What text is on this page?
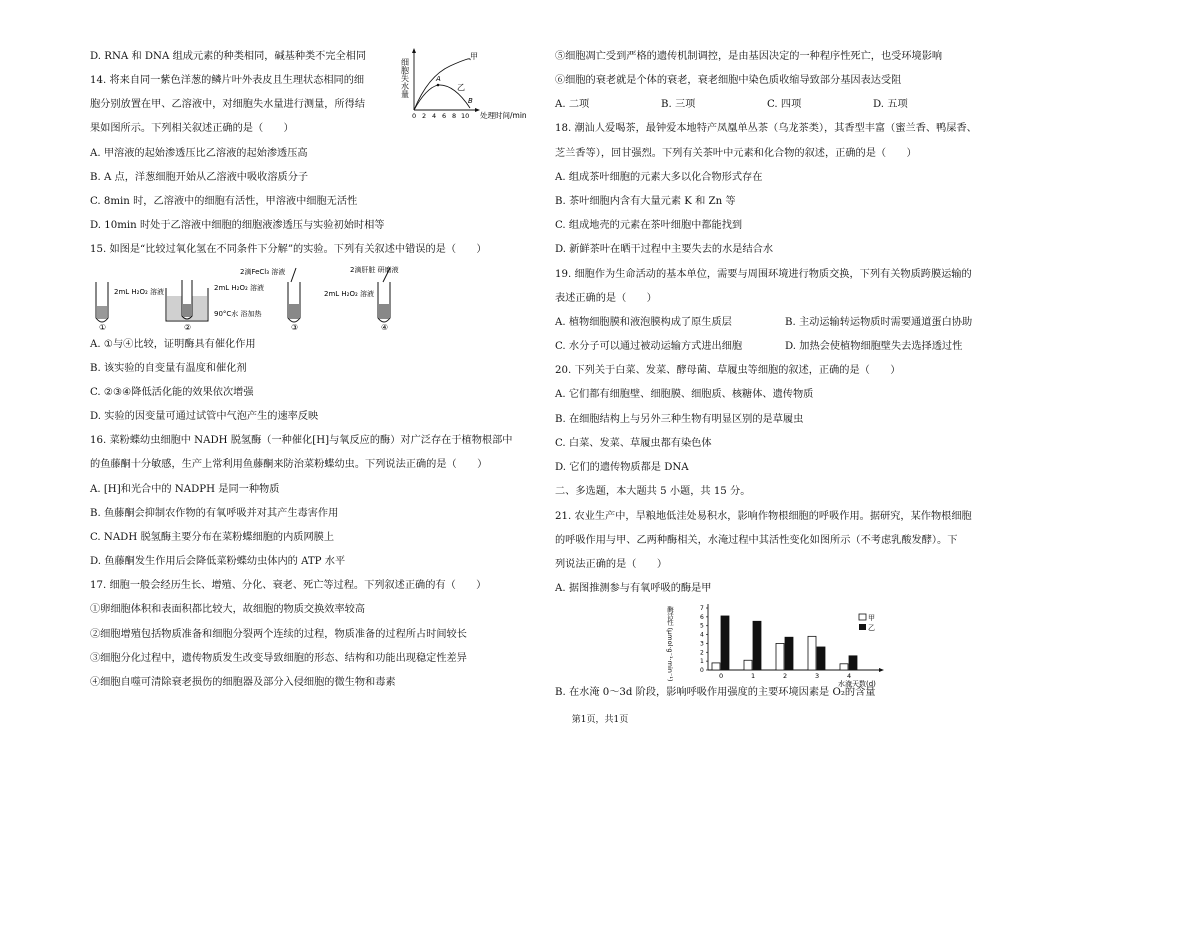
D. RNA 和 DNA 组成元素的种类相同，碱基种类不完全相同
14. 将来自同一紫色洋葱的鳞片叶外表皮且生理状态相同的细
胞分别放置在甲、乙溶液中，对细胞失水量进行测量，所得结
果如图所示。下列相关叙述正确的是（　　）
A. 甲溶液的起始渗透压比乙溶液的起始渗透压高
B. A 点，洋葱细胞开始从乙溶液中吸收溶质分子
C. 8min 时，乙溶液中的细胞有活性，甲溶液中细胞无活性
D. 10min 时处于乙溶液中细胞的细胞液渗透压与实验初始时相等
15. 如图是“比较过氧化氢在不同条件下分解”的实验。下列有关叙述中错误的是（　　）
A. ①与④比较，证明酶具有催化作用
B. 该实验的自变量有温度和催化剂
C. ②③④降低活化能的效果依次增强
D. 实验的因变量可通过试管中气泡产生的速率反映
16. 菜粉蝶幼虫细胞中 NADH 脱氢酶（一种催化[H]与氧反应的酶）对广泛存在于植物根部中
的鱼藤酮十分敏感，生产上常利用鱼藤酮来防治菜粉蝶幼虫。下列说法正确的是（　　）
A. [H]和光合中的 NADPH 是同一种物质
B. 鱼藤酮会抑制农作物的有氧呼吸并对其产生毒害作用
C. NADH 脱氢酶主要分布在菜粉蝶细胞的内质网膜上
D. 鱼藤酮发生作用后会降低菜粉蝶幼虫体内的 ATP 水平
17. 细胞一般会经历生长、增殖、分化、衰老、死亡等过程。下列叙述正确的有（　　）
①卵细胞体积和表面积都比较大，故细胞的物质交换效率较高
②细胞增殖包括物质准备和细胞分裂两个连续的过程，物质准备的过程所占时间较长
③细胞分化过程中，遗传物质发生改变导致细胞的形态、结构和功能出现稳定性差异
④细胞自噬可清除衰老损伤的细胞器及部分入侵细胞的微生物和毒素
细胞失水量
甲
乙
A
B
0 2 4 6 8 10 处理时间/min
2mL H₂O₂ 溶液
①
2mL H₂O₂ 溶液
90°C水 浴加热
②
2滴FeCl₃ 溶液
2mL H₂O₂ 溶液
③
2滴肝脏 研磨液
④
⑤细胞凋亡受到严格的遗传机制调控，是由基因决定的一种程序性死亡，也受环境影响
⑥细胞的衰老就是个体的衰老，衰老细胞中染色质收缩导致部分基因表达受阻
A. 二项	B. 三项	C. 四项	D. 五项
18. 潮汕人爱喝茶，最钟爱本地特产凤凰单丛茶（乌龙茶类），其香型丰富（蜜兰香、鸭屎香、
芝兰香等），回甘强烈。下列有关茶叶中元素和化合物的叙述，正确的是（　　）
A. 组成茶叶细胞的元素大多以化合物形式存在
B. 茶叶细胞内含有大量元素 K 和 Zn 等
C. 组成地壳的元素在茶叶细胞中都能找到
D. 新鲜茶叶在晒干过程中主要失去的水是结合水
19. 细胞作为生命活动的基本单位，需要与周围环境进行物质交换，下列有关物质跨膜运输的
表述正确的是（　　）
A. 植物细胞膜和液泡膜构成了原生质层	B. 主动运输转运物质时需要通道蛋白协助
C. 水分子可以通过被动运输方式进出细胞	D. 加热会使植物细胞壁失去选择透过性
20. 下列关于白菜、发菜、酵母菌、草履虫等细胞的叙述，正确的是（　　）
A. 它们都有细胞壁、细胞膜、细胞质、核糖体、遗传物质
B. 在细胞结构上与另外三种生物有明显区别的是草履虫
C. 白菜、发菜、草履虫都有染色体
D. 它们的遗传物质都是 DNA
二、多选题，本大题共 5 小题，共 15 分。
21. 农业生产中，旱粮地低洼处易积水，影响作物根细胞的呼吸作用。据研究，某作物根细胞
的呼吸作用与甲、乙两种酶相关，水淹过程中其活性变化如图所示（不考虑乳酸发酵）。下
列说法正确的是（　　）
A. 据图推测参与有氧呼吸的酶是甲
B. 在水淹 0～3d 阶段，影响呼吸作用强度的主要环境因素是 O₂的含量
酶活性 (μmol·g⁻¹·min⁻¹)	0
1
2
3
4
5
6
7
0	1	2	3	4
甲
乙
水淹天数(d)
第1页，共1页
